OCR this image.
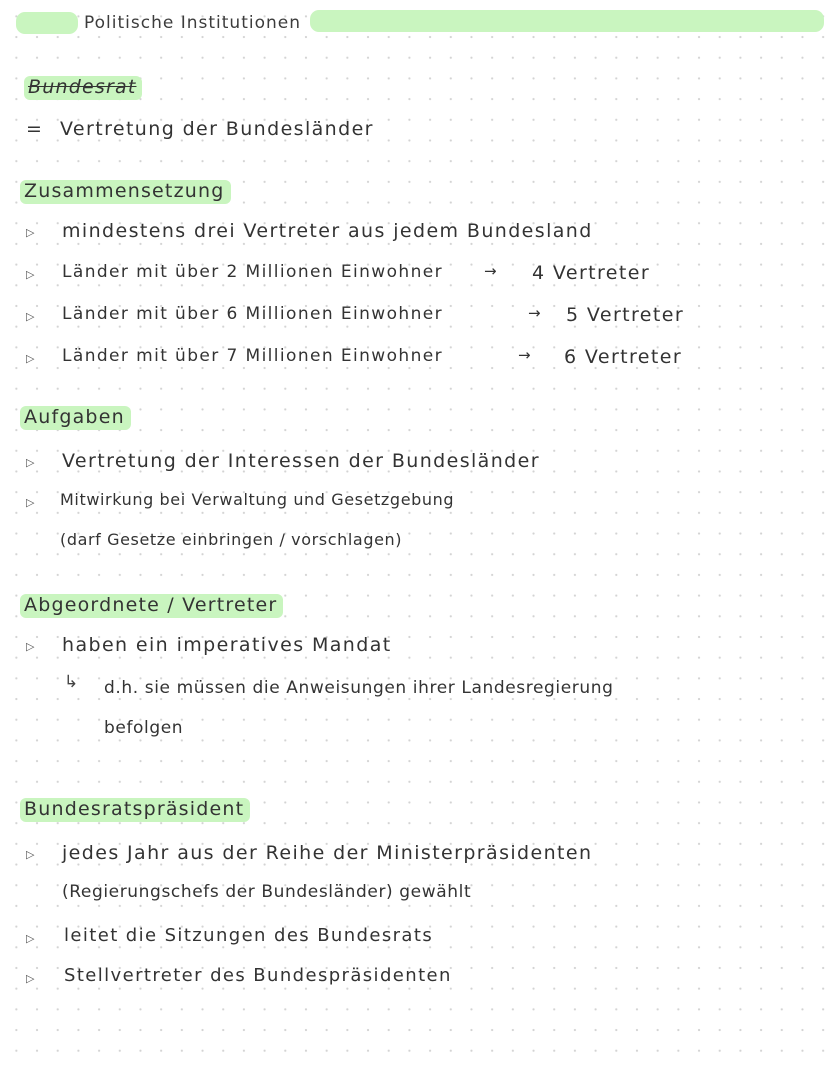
Politische Institutionen
Bundesrat
= Vertretung der Bundesländer
Zusammensetzung
▷ mindestens drei Vertreter aus jedem Bundesland
▷ Länder mit über 2 Millionen Einwohner	→ 4 Vertreter
▷ Länder mit über 6 Millionen Einwohner	→ 5 Vertreter
▷ Länder mit über 7 Millionen Einwohner	→ 6 Vertreter
Aufgaben
▷ Vertretung der Interessen der Bundesländer
▷ Mitwirkung bei Verwaltung und Gesetzgebung
(darf Gesetze einbringen / vorschlagen)
Abgeordnete / Vertreter
▷ haben ein imperatives Mandat
↳ d.h. sie müssen die Anweisungen ihrer Landesregierung
befolgen
Bundesratspräsident
▷ jedes Jahr aus der Reihe der Ministerpräsidenten
(Regierungschefs der Bundesländer) gewählt
▷ leitet die Sitzungen des Bundesrats
▷ Stellvertreter des Bundespräsidenten
